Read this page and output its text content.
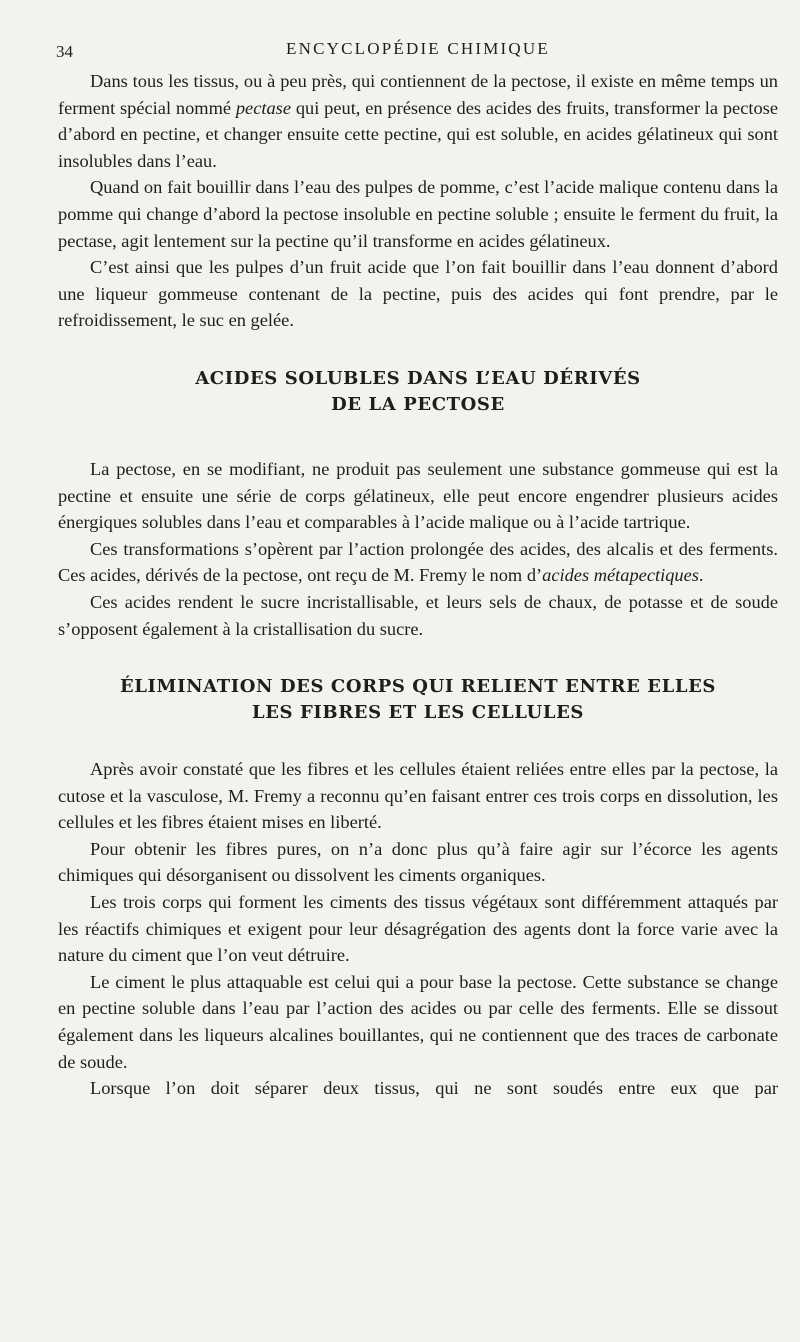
34	ENCYCLOPÉDIE CHIMIQUE

Dans tous les tissus, ou à peu près, qui contiennent de la pectose, il existe en même temps un ferment spécial nommé pectase qui peut, en présence des acides des fruits, transformer la pectose d’abord en pectine, et changer ensuite cette pectine, qui est soluble, en acides gélatineux qui sont insolubles dans l’eau.

Quand on fait bouillir dans l’eau des pulpes de pomme, c’est l’acide malique contenu dans la pomme qui change d’abord la pectose insoluble en pectine soluble ; ensuite le ferment du fruit, la pectase, agit lentement sur la pectine qu’il transforme en acides gélatineux.

C’est ainsi que les pulpes d’un fruit acide que l’on fait bouillir dans l’eau donnent d’abord une liqueur gommeuse contenant de la pectine, puis des acides qui font prendre, par le refroidissement, le suc en gelée.

ACIDES SOLUBLES DANS L’EAU DÉRIVÉS
DE LA PECTOSE

La pectose, en se modifiant, ne produit pas seulement une substance gommeuse qui est la pectine et ensuite une série de corps gélatineux, elle peut encore engendrer plusieurs acides énergiques solubles dans l’eau et comparables à l’acide malique ou à l’acide tartrique.

Ces transformations s’opèrent par l’action prolongée des acides, des alcalis et des ferments. Ces acides, dérivés de la pectose, ont reçu de M. Fremy le nom d’acides métapectiques.

Ces acides rendent le sucre incristallisable, et leurs sels de chaux, de potasse et de soude s’opposent également à la cristallisation du sucre.

ÉLIMINATION DES CORPS QUI RELIENT ENTRE ELLES
LES FIBRES ET LES CELLULES

Après avoir constaté que les fibres et les cellules étaient reliées entre elles par la pectose, la cutose et la vasculose, M. Fremy a reconnu qu’en faisant entrer ces trois corps en dissolution, les cellules et les fibres étaient mises en liberté.

Pour obtenir les fibres pures, on n’a donc plus qu’à faire agir sur l’écorce les agents chimiques qui désorganisent ou dissolvent les ciments organiques.

Les trois corps qui forment les ciments des tissus végétaux sont différemment attaqués par les réactifs chimiques et exigent pour leur désagrégation des agents dont la force varie avec la nature du ciment que l’on veut détruire.

Le ciment le plus attaquable est celui qui a pour base la pectose. Cette substance se change en pectine soluble dans l’eau par l’action des acides ou par celle des ferments. Elle se dissout également dans les liqueurs alcalines bouillantes, qui ne contiennent que des traces de carbonate de soude.

Lorsque l’on doit séparer deux tissus, qui ne sont soudés entre eux que par
